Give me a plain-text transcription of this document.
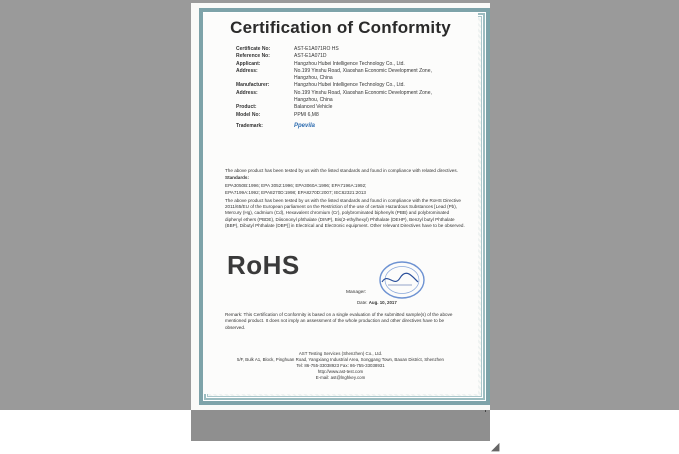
◢
Certification of Conformity
Certificate No:	AST-E1A071RO HS
Reference No:	AST-E1A071D
Applicant:	Hangzhou Hubei Intelligence Technology Co., Ltd.
Address:	No.199 Yinshu Road, Xiaoshan Economic Development Zone,
Hangzhou, China
Manufacturer:	Hangzhou Hubei Intelligence Technology Co., Ltd.
Address:	No.199 Yinshu Road, Xiaoshan Economic Development Zone,
Hangzhou, China
Product:	Balanced Vehicle
Model No:	PPMI 6,M8
Trademark:	Ppevila

The above product has been tested by us with the listed standards and found in compliance with related directives.

Standards:

EPA3050B:1996; EPA 3052:1996; EPA3060A:1996; EPA7196A:1992;

EPA7199A:1992; EPA8270D:1998; EPA8270D:2007; IEC62321:2013

The above product has been tested by us with the listed standards and found in compliance with the RoHS Directive 2011/65/EU of the European parliament on the Restriction of the use of certain Hazardous Substances [Lead (Pb), Mercury (Hg), cadmium (Cd), Hexavalent chromium (Cr), polybrominated biphenyls (PBB) and polybrominated diphenyl ethers (PBDE), Diisononyl phthalate (DINP), Bis(2-ethylhexyl) Phthalate (DEHP), Benzyl butyl Phthalate (BBP), Dibutyl Phthalate (DBP)] in Electrical and Electronic equipment. Other relevant Directives have to be observed.

RoHS
Manager:
Date: Aug. 10, 2017
Remark: This Certification of Conformity is based on a single evaluation of the submitted sample(s) of the above mentioned product. It does not imply an assessment of the whole production and other directives have to be observed.
AST Testing Services (Shenzhen) Co., Ltd.
5/F, Bulk A1, Block, Pinghuan Road, Yangxiang Industrial Area, Songgang Town, Baoan District, Shenzhen
Tel: 86-755-33038923 Fax: 86-755-33038931
http://www.ast-test.com
E-mail: ast@lnghkey.com
